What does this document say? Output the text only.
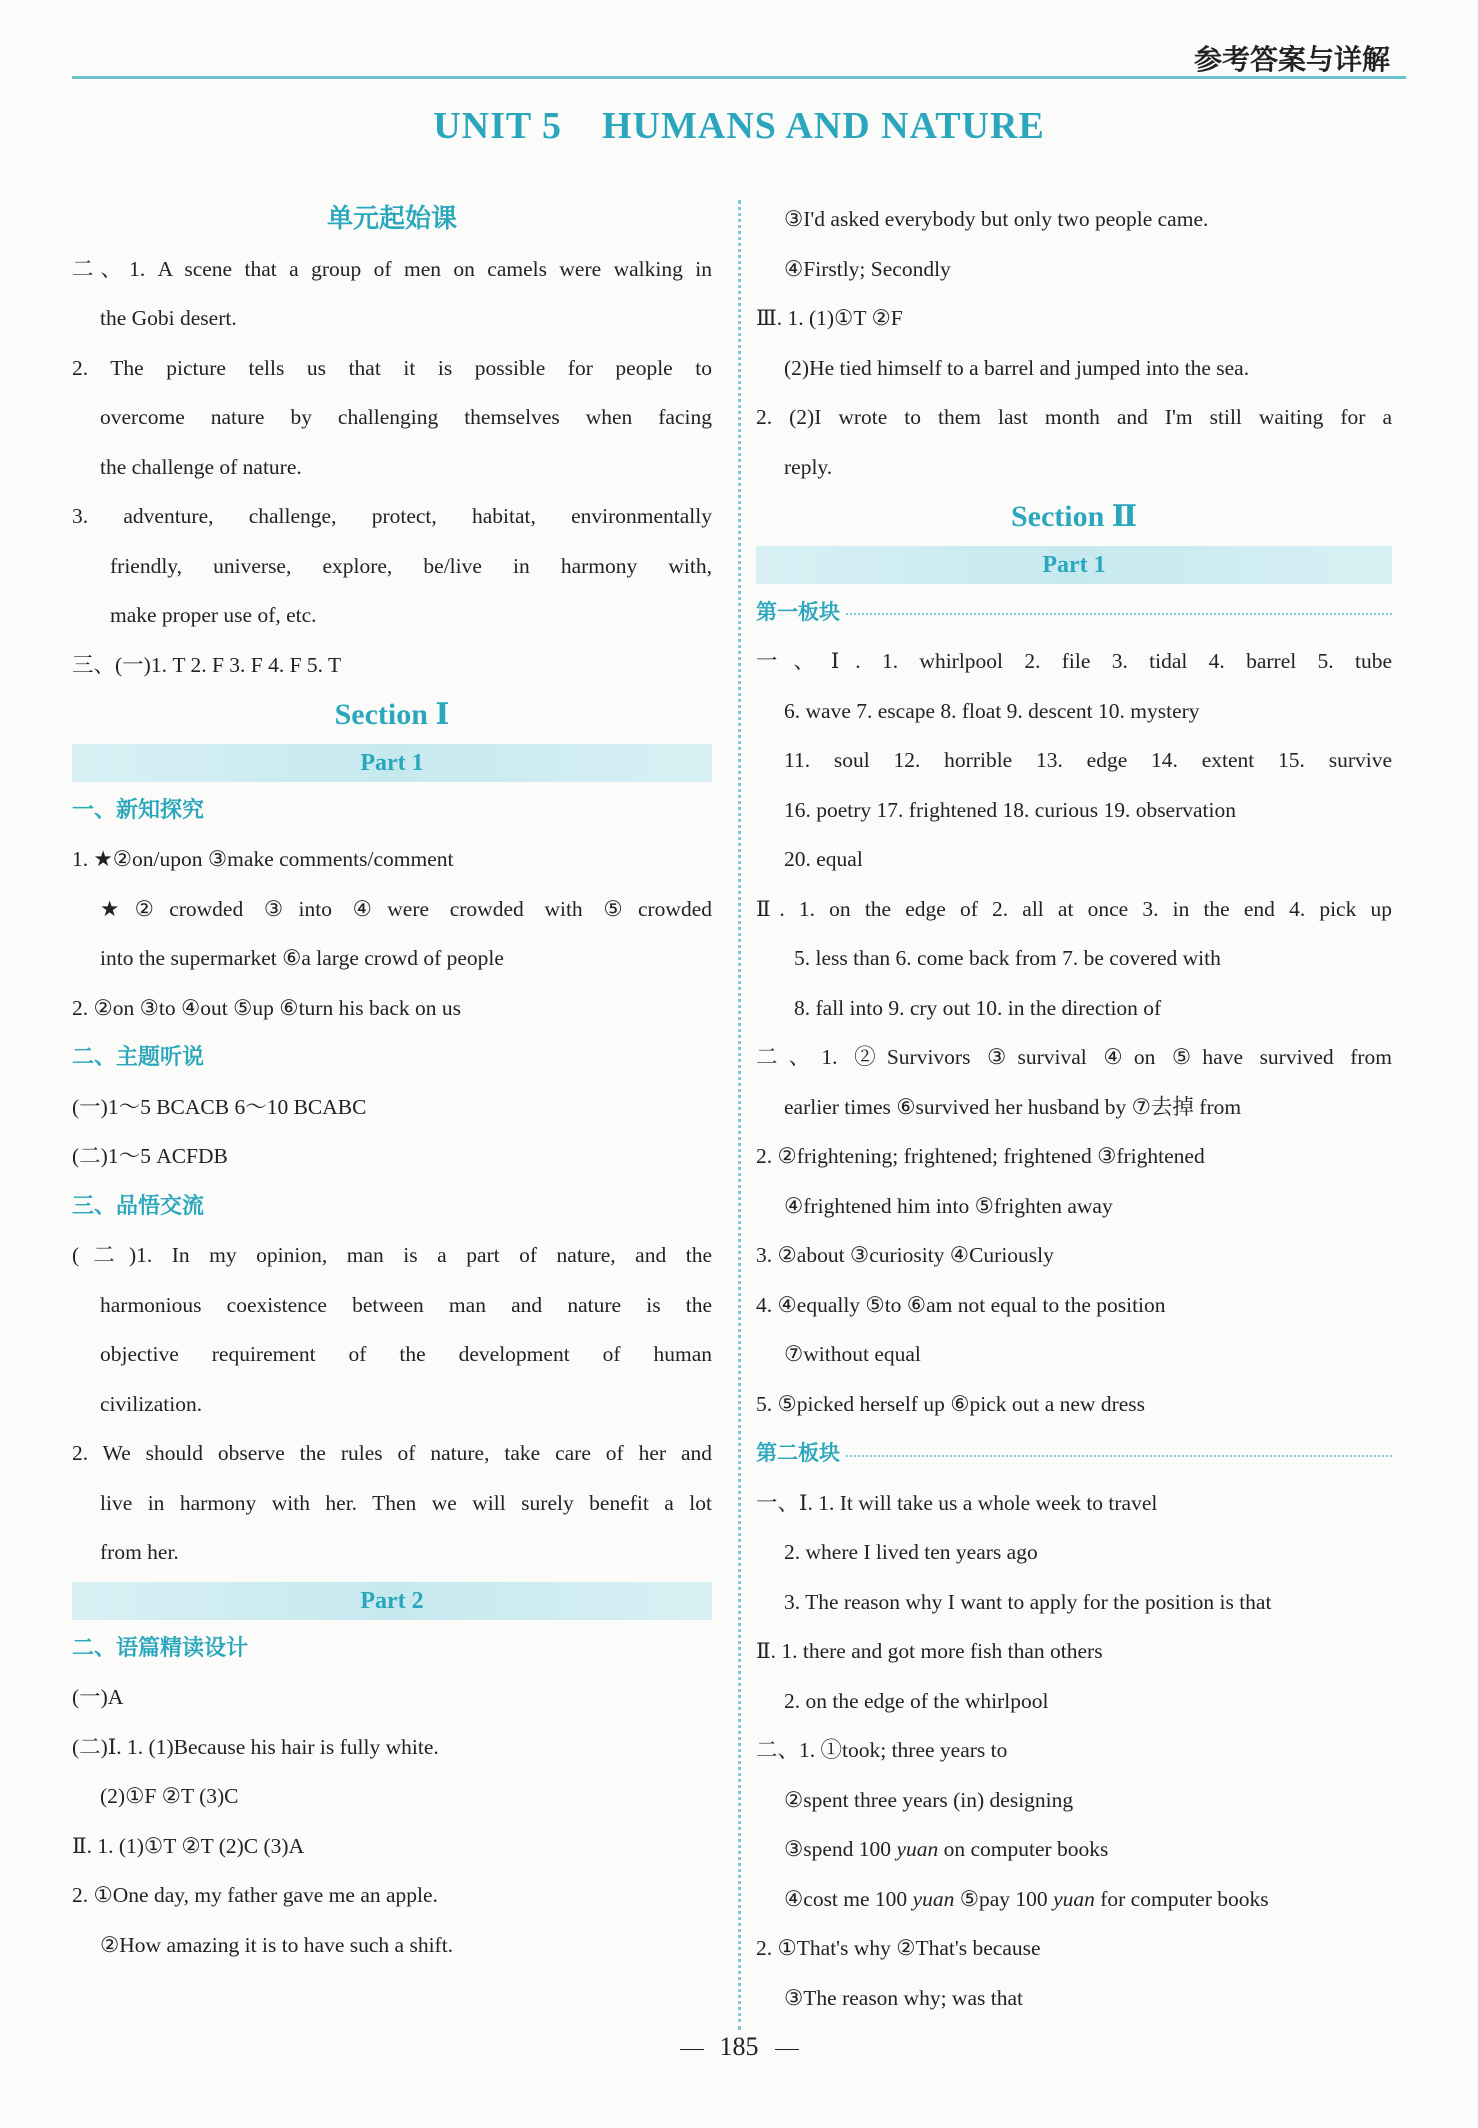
参考答案与详解
UNIT 5 HUMANS AND NATURE
单元起始课
二、1. A scene that a group of men on camels were walking in
the Gobi desert.
2. The picture tells us that it is possible for people to
overcome nature by challenging themselves when facing
the challenge of nature.
3. adventure, challenge, protect, habitat, environmentally
friendly, universe, explore, be/live in harmony with,
make proper use of, etc.
三、(一)1. T 2. F 3. F 4. F 5. T
Section Ⅰ
Part 1
一、新知探究
1. ★②on/upon ③make comments/comment
★②crowded ③into ④were crowded with ⑤crowded
into the supermarket ⑥a large crowd of people
2. ②on ③to ④out ⑤up ⑥turn his back on us
二、主题听说
(一)1～5 BCACB 6～10 BCABC
(二)1～5 ACFDB
三、品悟交流
(二)1. In my opinion, man is a part of nature, and the
harmonious coexistence between man and nature is the
objective requirement of the development of human
civilization.
2. We should observe the rules of nature, take care of her and
live in harmony with her. Then we will surely benefit a lot
from her.
Part 2
二、语篇精读设计
(一)A
(二)Ⅰ. 1. (1)Because his hair is fully white.
(2)①F ②T (3)C
Ⅱ. 1. (1)①T ②T (2)C (3)A
2. ①One day, my father gave me an apple.
②How amazing it is to have such a shift.
③I'd asked everybody but only two people came.
④Firstly; Secondly
Ⅲ. 1. (1)①T ②F
(2)He tied himself to a barrel and jumped into the sea.
2. (2)I wrote to them last month and I'm still waiting for a
reply.
Section Ⅱ
Part 1
第一板块
一、Ⅰ. 1. whirlpool 2. file 3. tidal 4. barrel 5. tube
6. wave 7. escape 8. float 9. descent 10. mystery
11. soul 12. horrible 13. edge 14. extent 15. survive
16. poetry 17. frightened 18. curious 19. observation
20. equal
Ⅱ. 1. on the edge of 2. all at once 3. in the end 4. pick up
5. less than 6. come back from 7. be covered with
8. fall into 9. cry out 10. in the direction of
二、1. ②Survivors ③survival ④on ⑤have survived from
earlier times ⑥survived her husband by ⑦去掉 from
2. ②frightening; frightened; frightened ③frightened
④frightened him into ⑤frighten away
3. ②about ③curiosity ④Curiously
4. ④equally ⑤to ⑥am not equal to the position
⑦without equal
5. ⑤picked herself up ⑥pick out a new dress
第二板块
一、Ⅰ. 1. It will take us a whole week to travel
2. where I lived ten years ago
3. The reason why I want to apply for the position is that
Ⅱ. 1. there and got more fish than others
2. on the edge of the whirlpool
二、1. ①took; three years to
②spent three years (in) designing
③spend 100 yuan on computer books
④cost me 100 yuan ⑤pay 100 yuan for computer books
2. ①That's why ②That's because
③The reason why; was that
185
